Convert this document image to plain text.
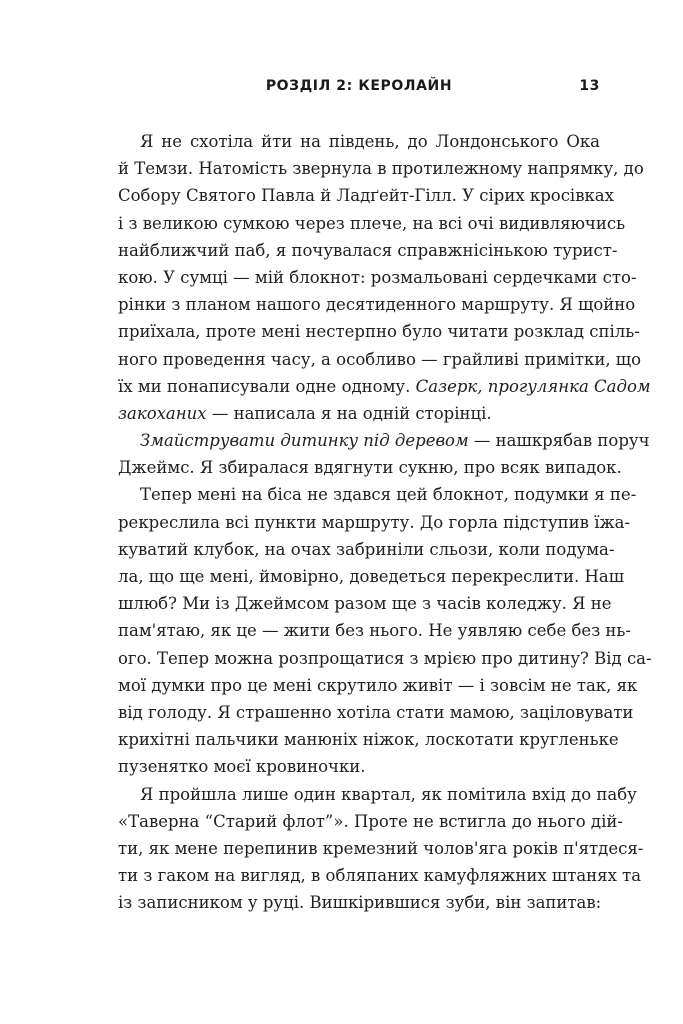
РОЗДІЛ 2: КЕРОЛАЙН	13
Я не схотіла йти на південь, до Лондонського Ока
й Темзи. Натомість звернула в протилежному напрямку, до
Собору Святого Павла й Ладґейт-Гілл. У сірих кросівках
і з великою сумкою через плече, на всі очі видивляючись
найближчий паб, я почувалася справжнісінькою турист-
кою. У сумці — мій блокнот: розмальовані сердечками сто-
рінки з планом нашого десятиденного маршруту. Я щойно
приїхала, проте мені нестерпно було читати розклад спіль-
ного проведення часу, а особливо — грайливі примітки, що
їх ми понаписували одне одному. Сазерк, прогулянка Садом
закоханих — написала я на одній сторінці.
Змайструвати дитинку під деревом — нашкрябав поруч
Джеймс. Я збиралася вдягнути сукню, про всяк випадок.
Тепер мені на біса не здався цей блокнот, подумки я пе-
рекреслила всі пункти маршруту. До горла підступив їжа-
куватий клубок, на очах забриніли сльози, коли подума-
ла, що ще мені, ймовірно, доведеться перекреслити. Наш
шлюб? Ми із Джеймсом разом ще з часів коледжу. Я не
пам'ятаю, як це — жити без нього. Не уявляю себе без нь-
ого. Тепер можна розпрощатися з мрією про дитину? Від са-
мої думки про це мені скрутило живіт — і зовсім не так, як
від голоду. Я страшенно хотіла стати мамою, заціловувати
крихітні пальчики манюніх ніжок, лоскотати кругленьке
пузенятко моєї кровиночки.
Я пройшла лише один квартал, як помітила вхід до пабу
«Таверна “Старий флот”». Проте не встигла до нього дій-
ти, як мене перепинив кремезний чолов'яга років п'ятдеся-
ти з гаком на вигляд, в обляпаних камуфляжних штанях та
із записником у руці. Вишкірившися зуби, він запитав:
